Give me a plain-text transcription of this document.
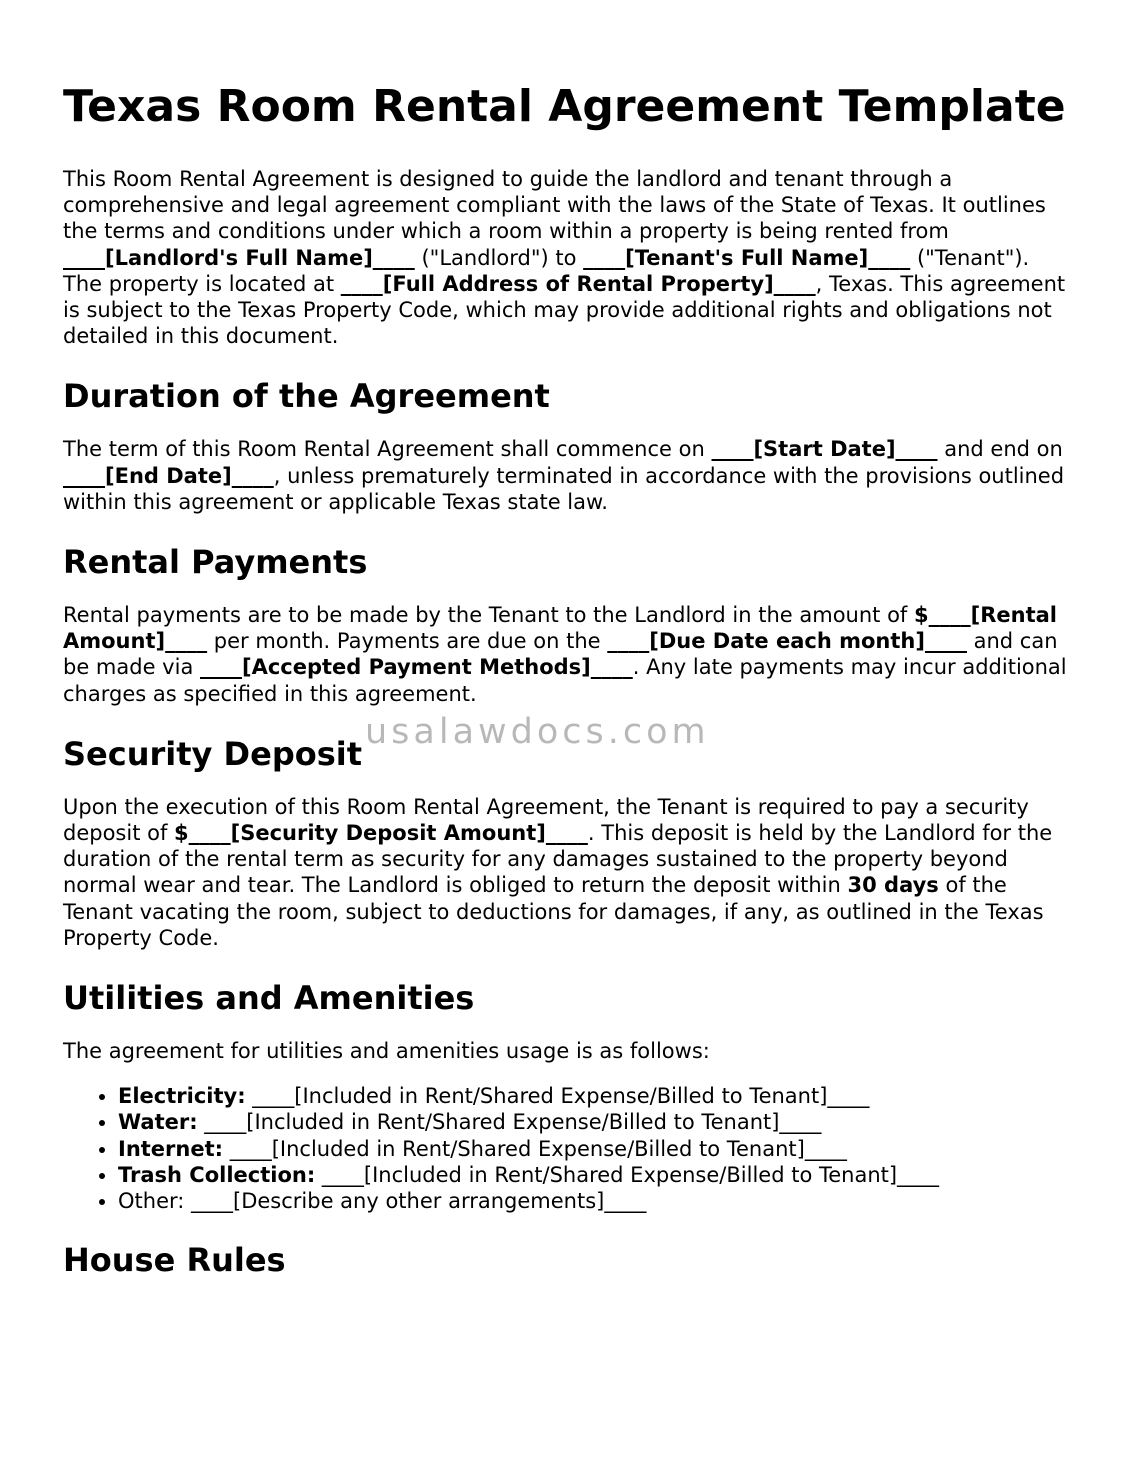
Texas Room Rental Agreement Template

This Room Rental Agreement is designed to guide the landlord and tenant through a comprehensive and legal agreement compliant with the laws of the State of Texas. It outlines the terms and conditions under which a room within a property is being rented from ____[Landlord's Full Name]____ ("Landlord") to ____[Tenant's Full Name]____ ("Tenant"). The property is located at ____[Full Address of Rental Property]____, Texas. This agreement is subject to the Texas Property Code, which may provide additional rights and obligations not detailed in this document.

Duration of the Agreement

The term of this Room Rental Agreement shall commence on ____[Start Date]____ and end on ____[End Date]____, unless prematurely terminated in accordance with the provisions outlined within this agreement or applicable Texas state law.

Rental Payments

Rental payments are to be made by the Tenant to the Landlord in the amount of $____[Rental Amount]____ per month. Payments are due on the ____[Due Date each month]____ and can be made via ____[Accepted Payment Methods]____. Any late payments may incur additional charges as specified in this agreement.

Security Deposit

Upon the execution of this Room Rental Agreement, the Tenant is required to pay a security deposit of $____[Security Deposit Amount]____. This deposit is held by the Landlord for the duration of the rental term as security for any damages sustained to the property beyond normal wear and tear. The Landlord is obliged to return the deposit within 30 days of the Tenant vacating the room, subject to deductions for damages, if any, as outlined in the Texas Property Code.

Utilities and Amenities

The agreement for utilities and amenities usage is as follows:

• Electricity: ____[Included in Rent/Shared Expense/Billed to Tenant]____
• Water: ____[Included in Rent/Shared Expense/Billed to Tenant]____
• Internet: ____[Included in Rent/Shared Expense/Billed to Tenant]____
• Trash Collection: ____[Included in Rent/Shared Expense/Billed to Tenant]____
• Other: ____[Describe any other arrangements]____
House Rules
usalawdocs.com
